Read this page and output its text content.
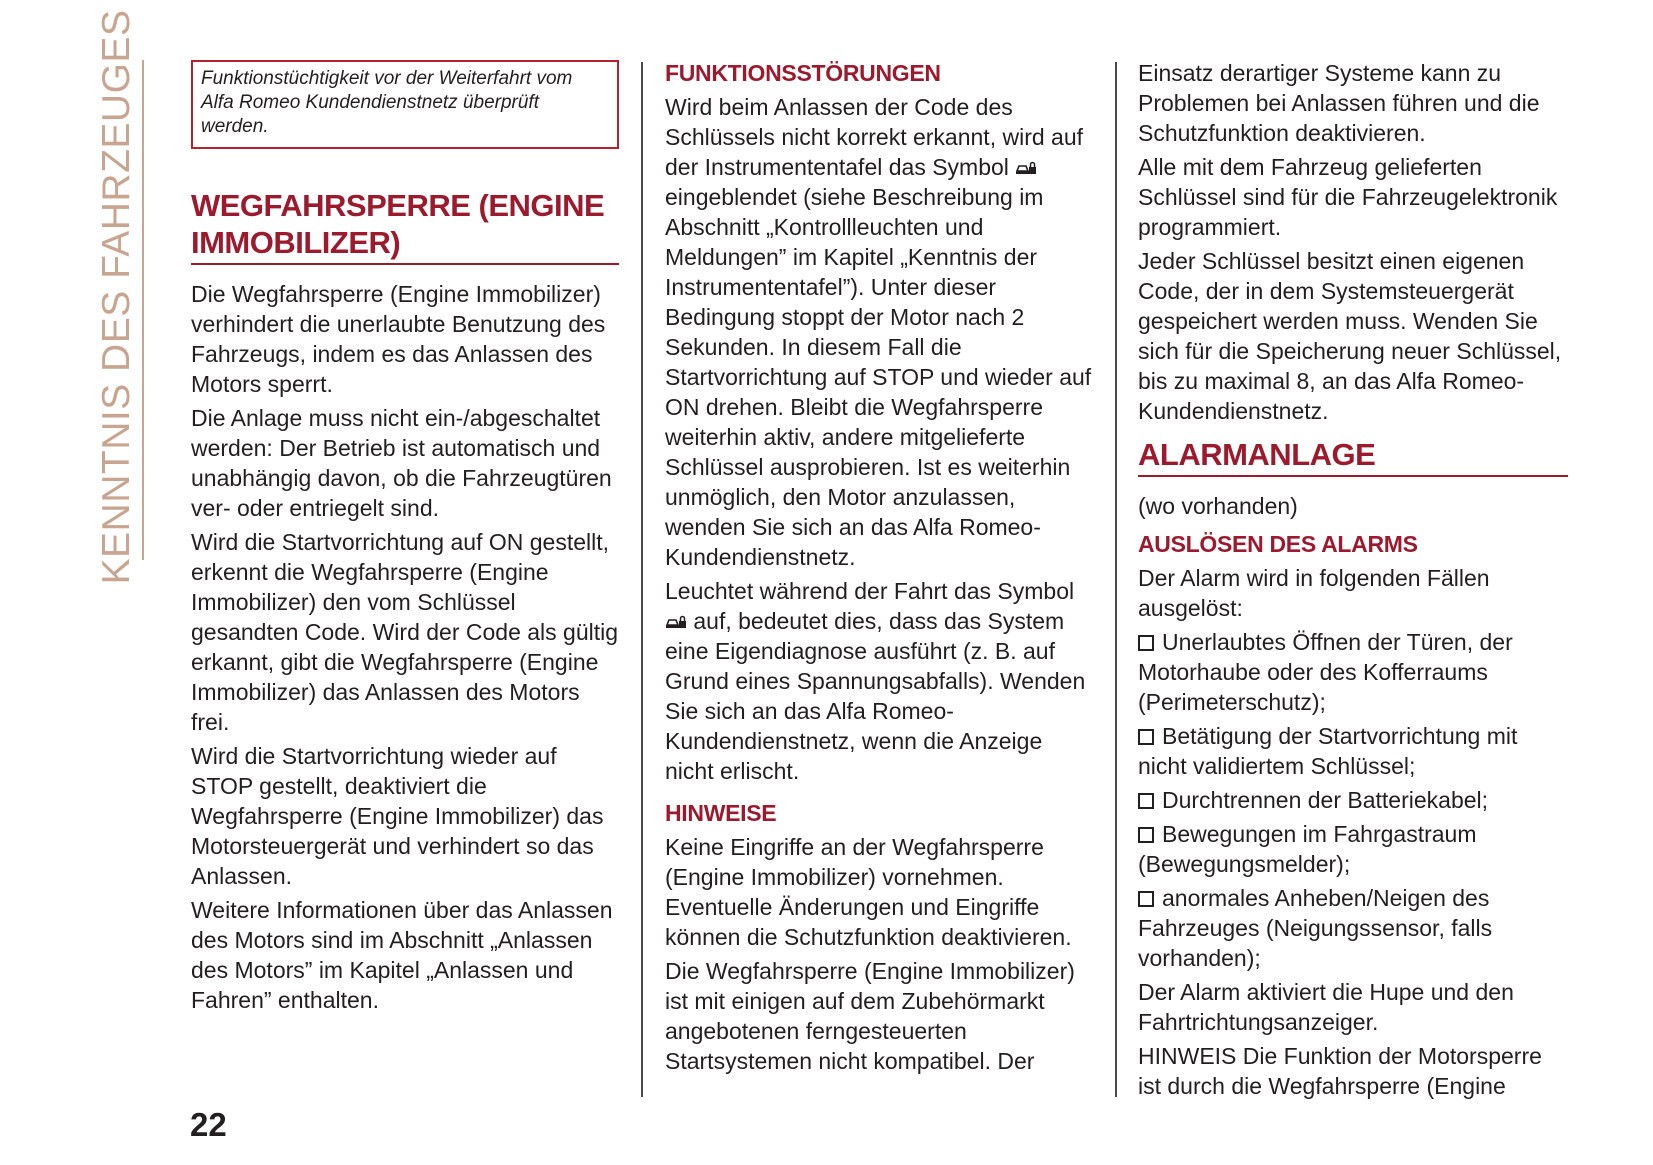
KENNTNIS DES FAHRZEUGES	Funktionstüchtigkeit vor der Weiterfahrt vom Alfa Romeo Kundendienstnetz überprüft werden.

WEGFAHRSPERRE (ENGINE IMMOBILIZER)

Die Wegfahrsperre (Engine Immobilizer) verhindert die unerlaubte Benutzung des Fahrzeugs, indem es das Anlassen des Motors sperrt.

Die Anlage muss nicht ein-/abgeschaltet werden: Der Betrieb ist automatisch und unabhängig davon, ob die Fahrzeugtüren ver- oder entriegelt sind.

Wird die Startvorrichtung auf ON gestellt, erkennt die Wegfahrsperre (Engine Immobilizer) den vom Schlüssel gesandten Code. Wird der Code als gültig erkannt, gibt die Wegfahrsperre (Engine Immobilizer) das Anlassen des Motors frei.

Wird die Startvorrichtung wieder auf STOP gestellt, deaktiviert die Wegfahrsperre (Engine Immobilizer) das Motorsteuergerät und verhindert so das Anlassen.

Weitere Informationen über das Anlassen des Motors sind im Abschnitt „Anlassen des Motors” im Kapitel „Anlassen und Fahren” enthalten.

FUNKTIONSSTÖRUNGEN

Wird beim Anlassen der Code des Schlüssels nicht korrekt erkannt, wird auf der Instrumententafel das Symbol  eingeblendet (siehe Beschreibung im Abschnitt „Kontrollleuchten und Meldungen” im Kapitel „Kenntnis der Instrumententafel”). Unter dieser Bedingung stoppt der Motor nach 2 Sekunden. In diesem Fall die Startvorrichtung auf STOP und wieder auf ON drehen. Bleibt die Wegfahrsperre weiterhin aktiv, andere mitgelieferte Schlüssel ausprobieren. Ist es weiterhin unmöglich, den Motor anzulassen, wenden Sie sich an das Alfa Romeo-Kundendienstnetz.

Leuchtet während der Fahrt das Symbol  auf, bedeutet dies, dass das System eine Eigendiagnose ausführt (z. B. auf Grund eines Spannungsabfalls). Wenden Sie sich an das Alfa Romeo-Kundendienstnetz, wenn die Anzeige nicht erlischt.

HINWEISE

Keine Eingriffe an der Wegfahrsperre (Engine Immobilizer) vornehmen. Eventuelle Änderungen und Eingriffe können die Schutzfunktion deaktivieren.

Die Wegfahrsperre (Engine Immobilizer) ist mit einigen auf dem Zubehörmarkt angebotenen ferngesteuerten Startsystemen nicht kompatibel. Der

Einsatz derartiger Systeme kann zu Problemen bei Anlassen führen und die Schutzfunktion deaktivieren.

Alle mit dem Fahrzeug gelieferten Schlüssel sind für die Fahrzeugelektronik programmiert.

Jeder Schlüssel besitzt einen eigenen Code, der in dem Systemsteuergerät gespeichert werden muss. Wenden Sie sich für die Speicherung neuer Schlüssel, bis zu maximal 8, an das Alfa Romeo-Kundendienstnetz.

ALARMANLAGE

(wo vorhanden)

AUSLÖSEN DES ALARMS

Der Alarm wird in folgenden Fällen ausgelöst:

Unerlaubtes Öffnen der Türen, der Motorhaube oder des Kofferraums (Perimeterschutz);
Betätigung der Startvorrichtung mit nicht validiertem Schlüssel;
Durchtrennen der Batteriekabel;
Bewegungen im Fahrgastraum (Bewegungsmelder);
anormales Anheben/Neigen des Fahrzeuges (Neigungssensor, falls vorhanden);

Der Alarm aktiviert die Hupe und den Fahrtrichtungsanzeiger.

HINWEIS Die Funktion der Motorsperre ist durch die Wegfahrsperre (Engine

22
